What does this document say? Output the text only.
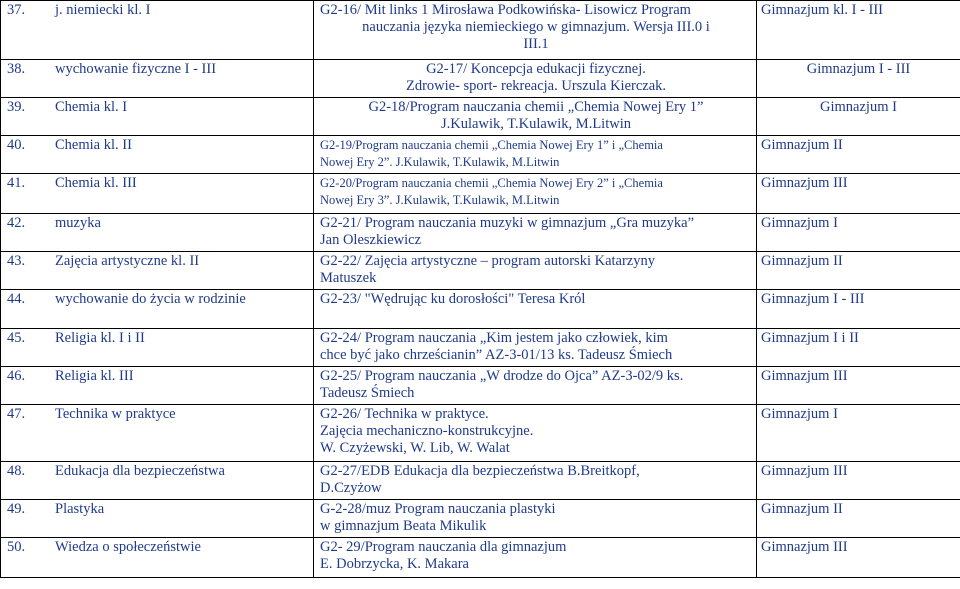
37. j. niemiecki kl. I	G2-16/ Mit links 1 Mirosława Podkowińska- Lisowicz Program
nauczania języka niemieckiego w gimnazjum. Wersja III.0 i
III.1	Gimnazjum kl. I - III
38. wychowanie fizyczne I - III	G2-17/ Koncepcja edukacji fizycznej.
Zdrowie- sport- rekreacja. Urszula Kierczak.	Gimnazjum I - III
39. Chemia kl. I	G2-18/Program nauczania chemii „Chemia Nowej Ery 1”
J.Kulawik, T.Kulawik, M.Litwin	Gimnazjum I
40. Chemia kl. II	G2-19/Program nauczania chemii „Chemia Nowej Ery 1” i „Chemia
Nowej Ery 2”. J.Kulawik, T.Kulawik, M.Litwin	Gimnazjum II
41. Chemia kl. III	G2-20/Program nauczania chemii „Chemia Nowej Ery 2” i „Chemia
Nowej Ery 3”. J.Kulawik, T.Kulawik, M.Litwin	Gimnazjum III
42. muzyka	G2-21/ Program nauczania muzyki w gimnazjum „Gra muzyka”
Jan Oleszkiewicz	Gimnazjum I
43. Zajęcia artystyczne kl. II	G2-22/ Zajęcia artystyczne – program autorski Katarzyny
Matuszek	Gimnazjum II
44. wychowanie do życia w rodzinie	G2-23/ "Wędrując ku dorosłości" Teresa Król	Gimnazjum I - III
45. Religia kl. I i II	G2-24/ Program nauczania „Kim jestem jako człowiek, kim
chce być jako chrześcianin” AZ-3-01/13 ks. Tadeusz Śmiech	Gimnazjum I i II
46. Religia kl. III	G2-25/ Program nauczania „W drodze do Ojca” AZ-3-02/9 ks.
Tadeusz Śmiech	Gimnazjum III
47. Technika w praktyce	G2-26/ Technika w praktyce.
Zajęcia mechaniczno-konstrukcyjne.
W. Czyżewski, W. Lib, W. Walat	Gimnazjum I
48. Edukacja dla bezpieczeństwa	G2-27/EDB Edukacja dla bezpieczeństwa B.Breitkopf,
D.Czyżow	Gimnazjum III
49. Plastyka	G-2-28/muz Program nauczania plastyki
w gimnazjum Beata Mikulik	Gimnazjum II
50. Wiedza o społeczeństwie	G2- 29/Program nauczania dla gimnazjum
E. Dobrzycka, K. Makara	Gimnazjum III
